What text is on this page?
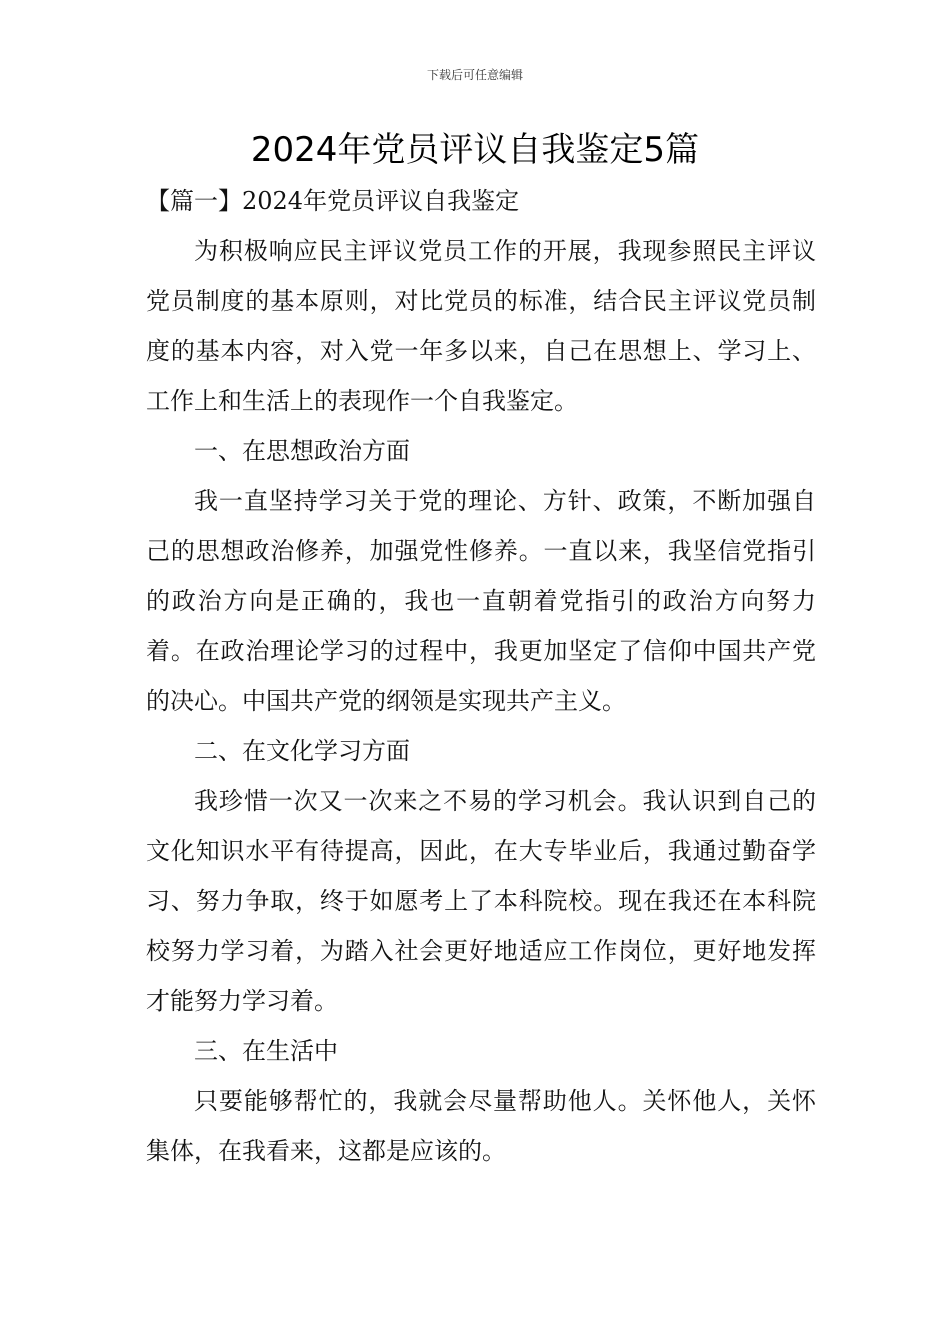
下载后可任意编辑
2024年党员评议自我鉴定5篇

【篇一】2024年党员评议自我鉴定

为积极响应民主评议党员工作的开展，我现参照民主评议党员制度的基本原则，对比党员的标准，结合民主评议党员制度的基本内容，对入党一年多以来，自己在思想上、学习上、工作上和生活上的表现作一个自我鉴定。

一、在思想政治方面

我一直坚持学习关于党的理论、方针、政策，不断加强自己的思想政治修养，加强党性修养。一直以来，我坚信党指引的政治方向是正确的，我也一直朝着党指引的政治方向努力着。在政治理论学习的过程中，我更加坚定了信仰中国共产党的决心。中国共产党的纲领是实现共产主义。

二、在文化学习方面

我珍惜一次又一次来之不易的学习机会。我认识到自己的文化知识水平有待提高，因此，在大专毕业后，我通过勤奋学习、努力争取，终于如愿考上了本科院校。现在我还在本科院校努力学习着，为踏入社会更好地适应工作岗位，更好地发挥才能努力学习着。

三、在生活中

只要能够帮忙的，我就会尽量帮助他人。关怀他人，关怀集体，在我看来，这都是应该的。
